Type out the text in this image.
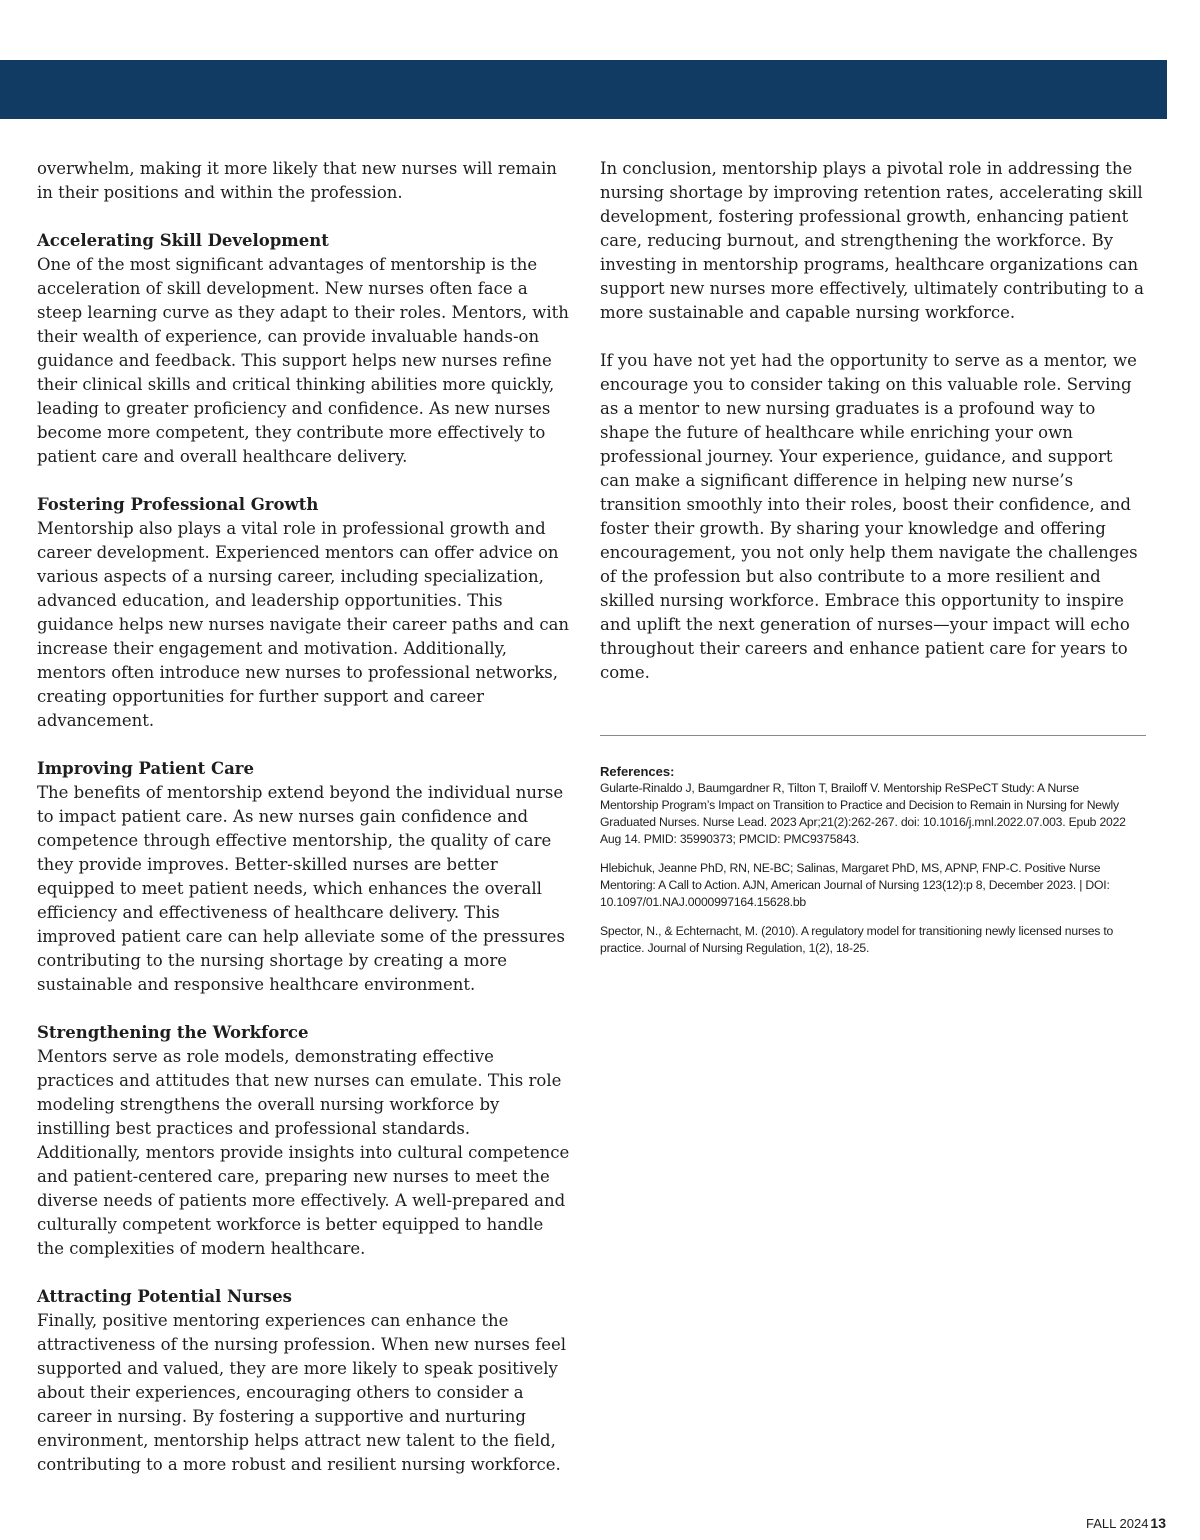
overwhelm, making it more likely that new nurses will remain in their positions and within the profession.

Accelerating Skill Development

One of the most significant advantages of mentorship is the acceleration of skill development. New nurses often face a steep learning curve as they adapt to their roles. Mentors, with their wealth of experience, can provide invaluable hands-on guidance and feedback. This support helps new nurses refine their clinical skills and critical thinking abilities more quickly, leading to greater proficiency and confidence. As new nurses become more competent, they contribute more effectively to patient care and overall healthcare delivery.

Fostering Professional Growth

Mentorship also plays a vital role in professional growth and career development. Experienced mentors can offer advice on various aspects of a nursing career, including specialization, advanced education, and leadership opportunities. This guidance helps new nurses navigate their career paths and can increase their engagement and motivation. Additionally, mentors often introduce new nurses to professional networks, creating opportunities for further support and career advancement.

Improving Patient Care

The benefits of mentorship extend beyond the individual nurse to impact patient care. As new nurses gain confidence and competence through effective mentorship, the quality of care they provide improves. Better-skilled nurses are better equipped to meet patient needs, which enhances the overall efficiency and effectiveness of healthcare delivery. This improved patient care can help alleviate some of the pressures contributing to the nursing shortage by creating a more sustainable and responsive healthcare environment.

Strengthening the Workforce

Mentors serve as role models, demonstrating effective practices and attitudes that new nurses can emulate. This role modeling strengthens the overall nursing workforce by instilling best practices and professional standards. Additionally, mentors provide insights into cultural competence and patient-centered care, preparing new nurses to meet the diverse needs of patients more effectively. A well-prepared and culturally competent workforce is better equipped to handle the complexities of modern healthcare.

Attracting Potential Nurses

Finally, positive mentoring experiences can enhance the attractiveness of the nursing profession. When new nurses feel supported and valued, they are more likely to speak positively about their experiences, encouraging others to consider a career in nursing. By fostering a supportive and nurturing environment, mentorship helps attract new talent to the field, contributing to a more robust and resilient nursing workforce.

In conclusion, mentorship plays a pivotal role in addressing the nursing shortage by improving retention rates, accelerating skill development, fostering professional growth, enhancing patient care, reducing burnout, and strengthening the workforce. By investing in mentorship programs, healthcare organizations can support new nurses more effectively, ultimately contributing to a more sustainable and capable nursing workforce.

If you have not yet had the opportunity to serve as a mentor, we encourage you to consider taking on this valuable role. Serving as a mentor to new nursing graduates is a profound way to shape the future of healthcare while enriching your own professional journey. Your experience, guidance, and support can make a significant difference in helping new nurse’s transition smoothly into their roles, boost their confidence, and foster their growth. By sharing your knowledge and offering encouragement, you not only help them navigate the challenges of the profession but also contribute to a more resilient and skilled nursing workforce. Embrace this opportunity to inspire and uplift the next generation of nurses—your impact will echo throughout their careers and enhance patient care for years to come.

References:

Gularte-Rinaldo J, Baumgardner R, Tilton T, Brailoff V. Mentorship ReSPeCT Study: A Nurse Mentorship Program’s Impact on Transition to Practice and Decision to Remain in Nursing for Newly Graduated Nurses. Nurse Lead. 2023 Apr;21(2):262-267. doi: 10.1016/j.mnl.2022.07.003. Epub 2022 Aug 14. PMID: 35990373; PMCID: PMC9375843.

Hlebichuk, Jeanne PhD, RN, NE-BC; Salinas, Margaret PhD, MS, APNP, FNP-C. Positive Nurse Mentoring: A Call to Action. AJN, American Journal of Nursing 123(12):p 8, December 2023. | DOI: 10.1097/01.NAJ.0000997164.15628.bb

Spector, N., & Echternacht, M. (2010). A regulatory model for transitioning newly licensed nurses to practice. Journal of Nursing Regulation, 1(2), 18-25.

FALL 2024 13
